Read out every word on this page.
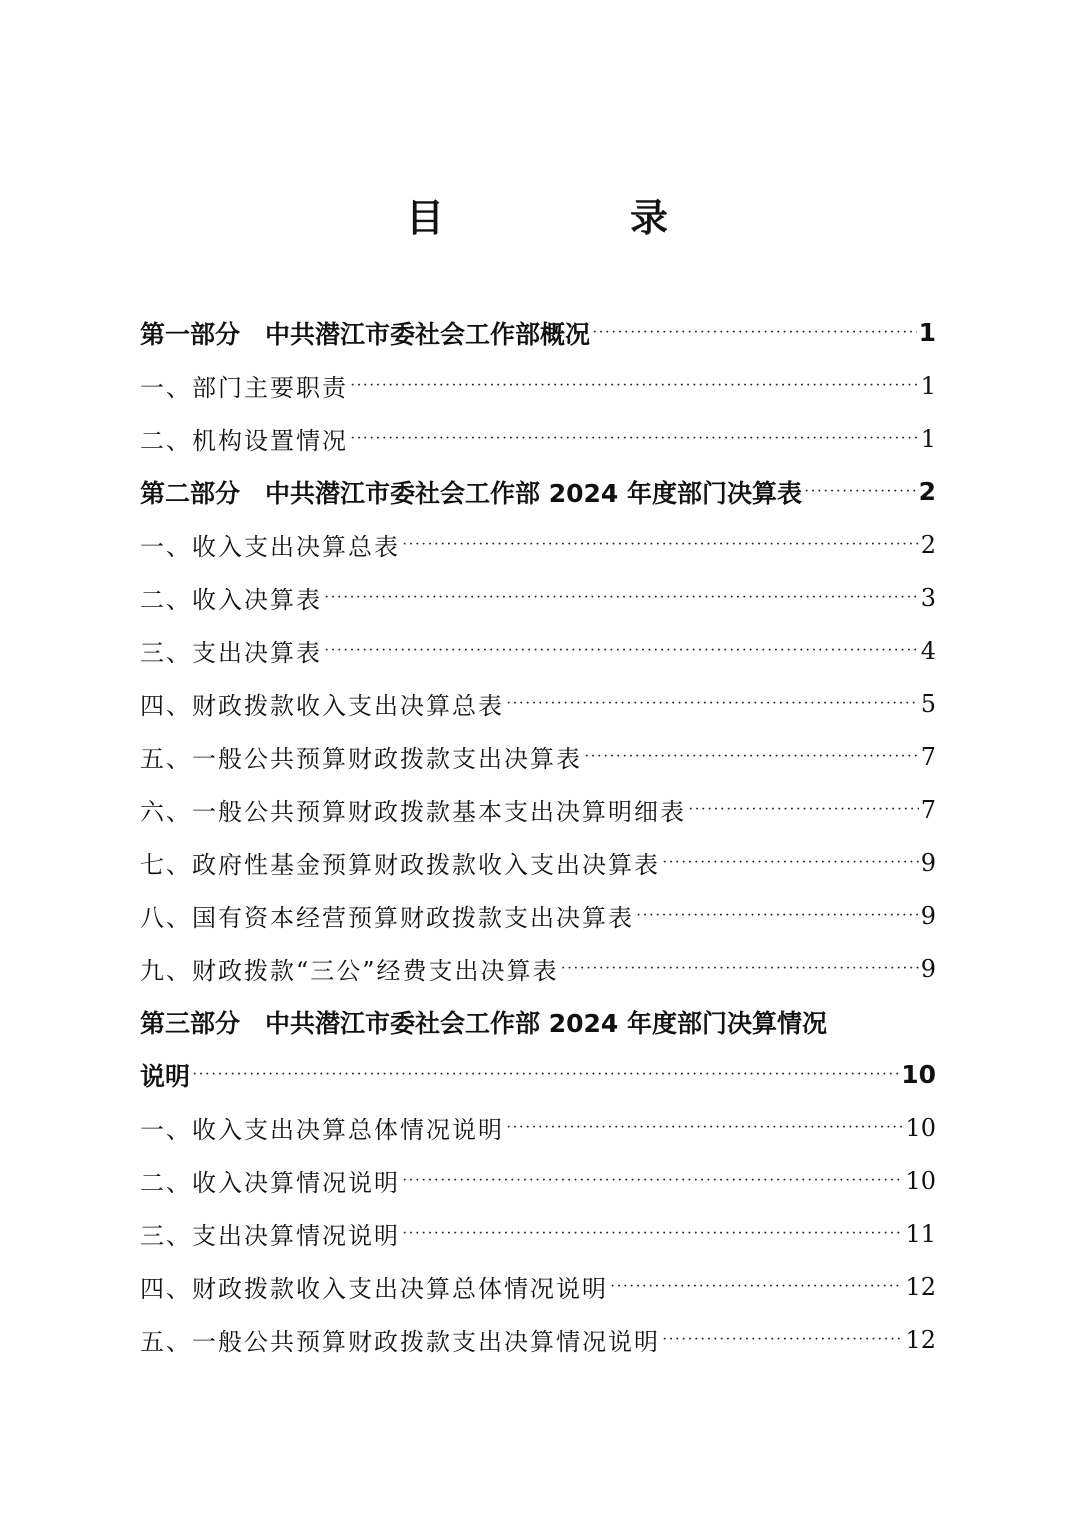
目　录
第一部分　中共潜江市委社会工作部概况 ·····	1
一、部门主要职责 ·····	1
二、机构设置情况 ·····	1
第二部分　中共潜江市委社会工作部 2024 年度部门决算表 ·····	2
一、收入支出决算总表 ·····	2
二、收入决算表 ·····	3
三、支出决算表 ·····	4
四、财政拨款收入支出决算总表 ·····	5
五、一般公共预算财政拨款支出决算表 ·····	7
六、一般公共预算财政拨款基本支出决算明细表 ·····	7
七、政府性基金预算财政拨款收入支出决算表 ·····	9
八、国有资本经营预算财政拨款支出决算表 ·····	9
九、财政拨款“三公”经费支出决算表 ·····	9
第三部分　中共潜江市委社会工作部 2024 年度部门决算情况
说明 ·····	10
一、收入支出决算总体情况说明 ·····	10
二、收入决算情况说明 ·····	10
三、支出决算情况说明 ·····	11
四、财政拨款收入支出决算总体情况说明 ·····	12
五、一般公共预算财政拨款支出决算情况说明 ·····	12
